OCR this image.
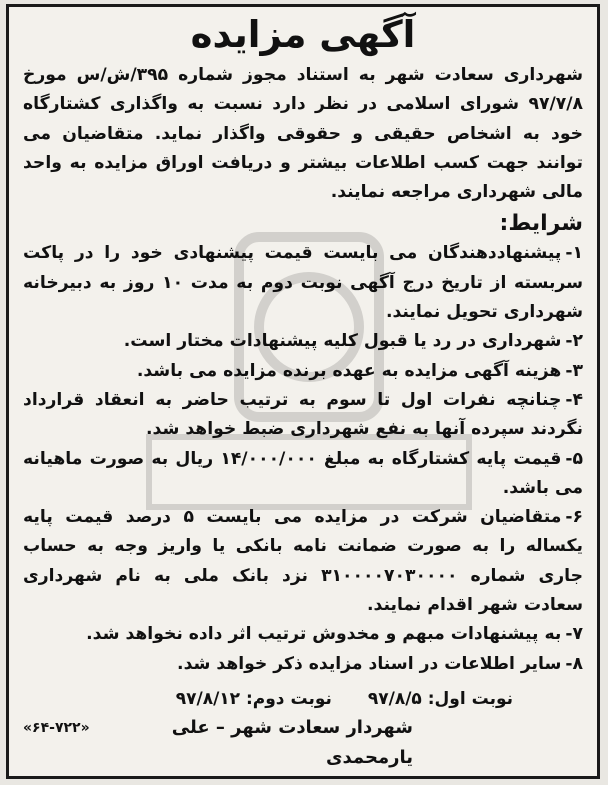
آگهی مزایده

شهرداری سعادت شهر به استناد مجوز شماره ۳۹۵/ش/س مورخ ۹۷/۷/۸ شورای اسلامی در نظر دارد نسبت به واگذاری کشتارگاه خود به اشخاص حقیقی و حقوقی واگذار نماید. متقاضیان می توانند جهت کسب اطلاعات بیشتر و دریافت اوراق مزایده به واحد مالی شهرداری مراجعه نمایند.

شرایط:

۱-پیشنهاددهندگان می بایست قیمت پیشنهادی خود را در پاکت سربسته از تاریخ درج آگهی نوبت دوم به مدت ۱۰ روز به دبیرخانه شهرداری تحویل نمایند.

۲-شهرداری در رد یا قبول کلیه پیشنهادات مختار است.

۳-هزینه آگهی مزایده به عهده برنده مزایده می باشد.

۴-چنانچه نفرات اول تا سوم به ترتیب حاضر به انعقاد قرارداد نگردند سپرده آنها به نفع شهرداری ضبط خواهد شد.

۵-قیمت پایه کشتارگاه به مبلغ ۱۴/۰۰۰/۰۰۰ ریال به صورت ماهیانه می باشد.

۶-متقاضیان شرکت در مزایده می بایست ۵ درصد قیمت پایه یکساله را به صورت ضمانت نامه بانکی یا واریز وجه به حساب جاری شماره ۳۱۰۰۰۰۷۰۳۰۰۰۰ نزد بانک ملی به نام شهرداری سعادت شهر اقدام نمایند.

۷-به پیشنهادات مبهم و مخدوش ترتیب اثر داده نخواهد شد.

۸-سایر اطلاعات در اسناد مزایده ذکر خواهد شد.

نوبت اول: ۹۷/۸/۵
نوبت دوم: ۹۷/۸/۱۲
شهردار سعادت شهر – علی یارمحمدی
«۶۴-۷۲۲»
